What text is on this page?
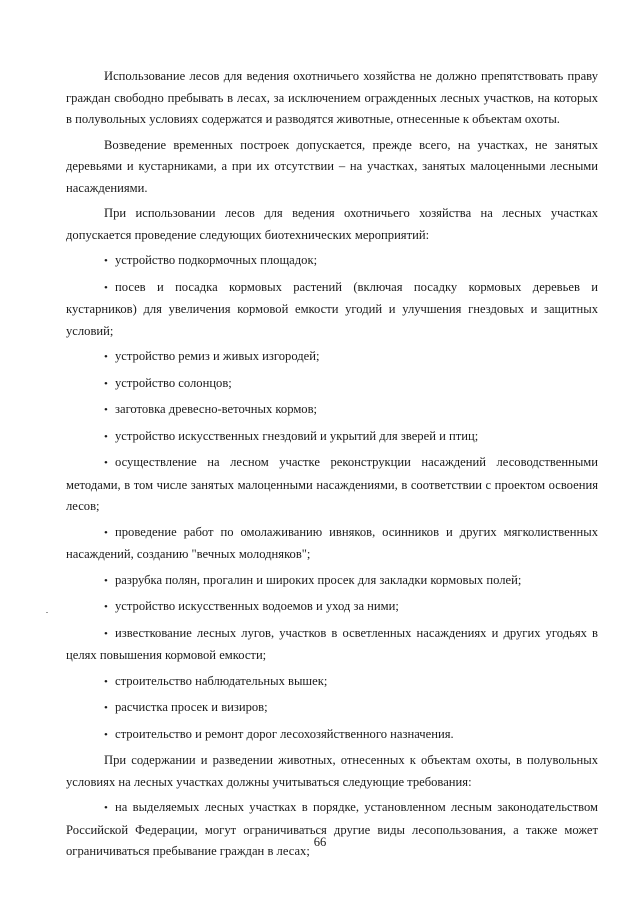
Использование лесов для ведения охотничьего хозяйства не должно препятствовать праву граждан свободно пребывать в лесах, за исключением огражденных лесных участков, на которых в полувольных условиях содержатся и разводятся животные, отнесенные к объектам охоты.

Возведение временных построек допускается, прежде всего, на участках, не занятых деревьями и кустарниками, а при их отсутствии – на участках, занятых малоценными лесными насаждениями.

При использовании лесов для ведения охотничьего хозяйства на лесных участках допускается проведение следующих биотехнических мероприятий:

• устройство подкормочных площадок;

• посев и посадка кормовых растений (включая посадку кормовых деревьев и кустарников) для увеличения кормовой емкости угодий и улучшения гнездовых и защитных условий;

• устройство ремиз и живых изгородей;

• устройство солонцов;

• заготовка древесно-веточных кормов;

• устройство искусственных гнездовий и укрытий для зверей и птиц;

• осуществление на лесном участке реконструкции насаждений лесоводственными методами, в том числе занятых малоценными насаждениями, в соответствии с проектом освоения лесов;

• проведение работ по омолаживанию ивняков, осинников и других мягколиственных насаждений, созданию "вечных молодняков";

• разрубка полян, прогалин и широких просек для закладки кормовых полей;

• устройство искусственных водоемов и уход за ними;

• известкование лесных лугов, участков в осветленных насаждениях и других угодьях в целях повышения кормовой емкости;

• строительство наблюдательных вышек;

• расчистка просек и визиров;

• строительство и ремонт дорог лесохозяйственного назначения.

При содержании и разведении животных, отнесенных к объектам охоты, в полувольных условиях на лесных участках должны учитываться следующие требования:

• на выделяемых лесных участках в порядке, установленном лесным законодательством Российской Федерации, могут ограничиваться другие виды лесопользования, а также может ограничиваться пребывание граждан в лесах;

66
